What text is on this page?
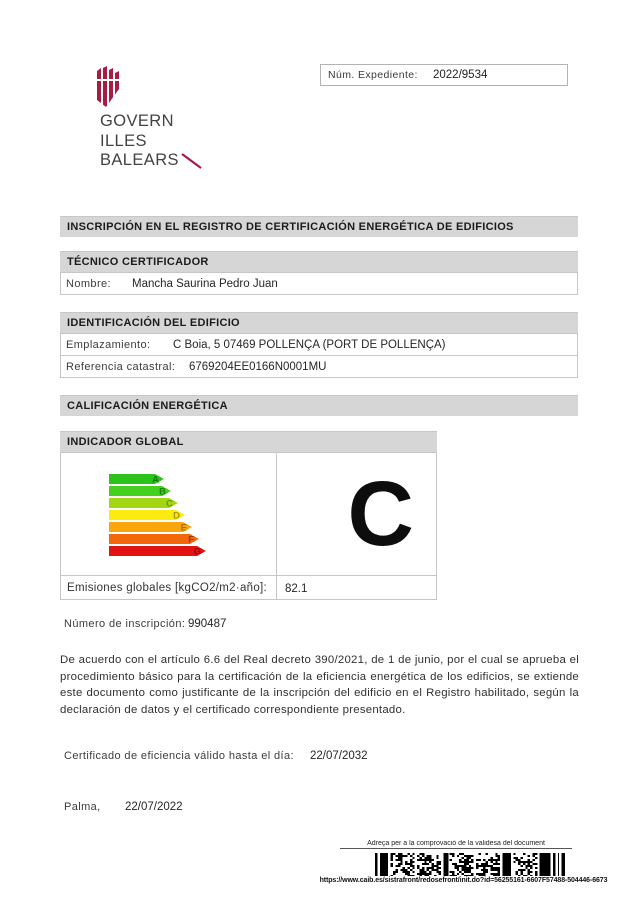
GOVERN
ILLES
BALEARS
Núm. Expediente:	2022/9534
INSCRIPCIÓN EN EL REGISTRO DE CERTIFICACIÓN ENERGÉTICA DE EDIFICIOS
TÉCNICO CERTIFICADOR
Nombre:	Mancha Saurina Pedro Juan
IDENTIFICACIÓN DEL EDIFICIO
Emplazamiento:	C Boia, 5 07469 POLLENÇA (PORT DE POLLENÇA)
Referencia catastral:	6769204EE0166N0001MU
CALIFICACIÓN ENERGÉTICA
INDICADOR GLOBAL
A
B
C
D
E
F
G C
Emisiones globales [kgCO2/m2·año]:	82.1
Número de inscripción: 990487
De acuerdo con el artículo 6.6 del Real decreto 390/2021, de 1 de junio, por el cual se aprueba el procedimiento básico para la certificación de la eficiencia energética de los edificios, se extiende este documento como justificante de la inscripción del edificio en el Registro habilitado, según la declaración de datos y el certificado correspondiente presentado.
Certificado de eficiencia válido hasta el día:	22/07/2032
Palma,	22/07/2022
Adreça per a la comprovació de la validesa del document
https://www.caib.es/sistrafront/redosefront/init.do?id=56255161-6607F57488-504446-6673
